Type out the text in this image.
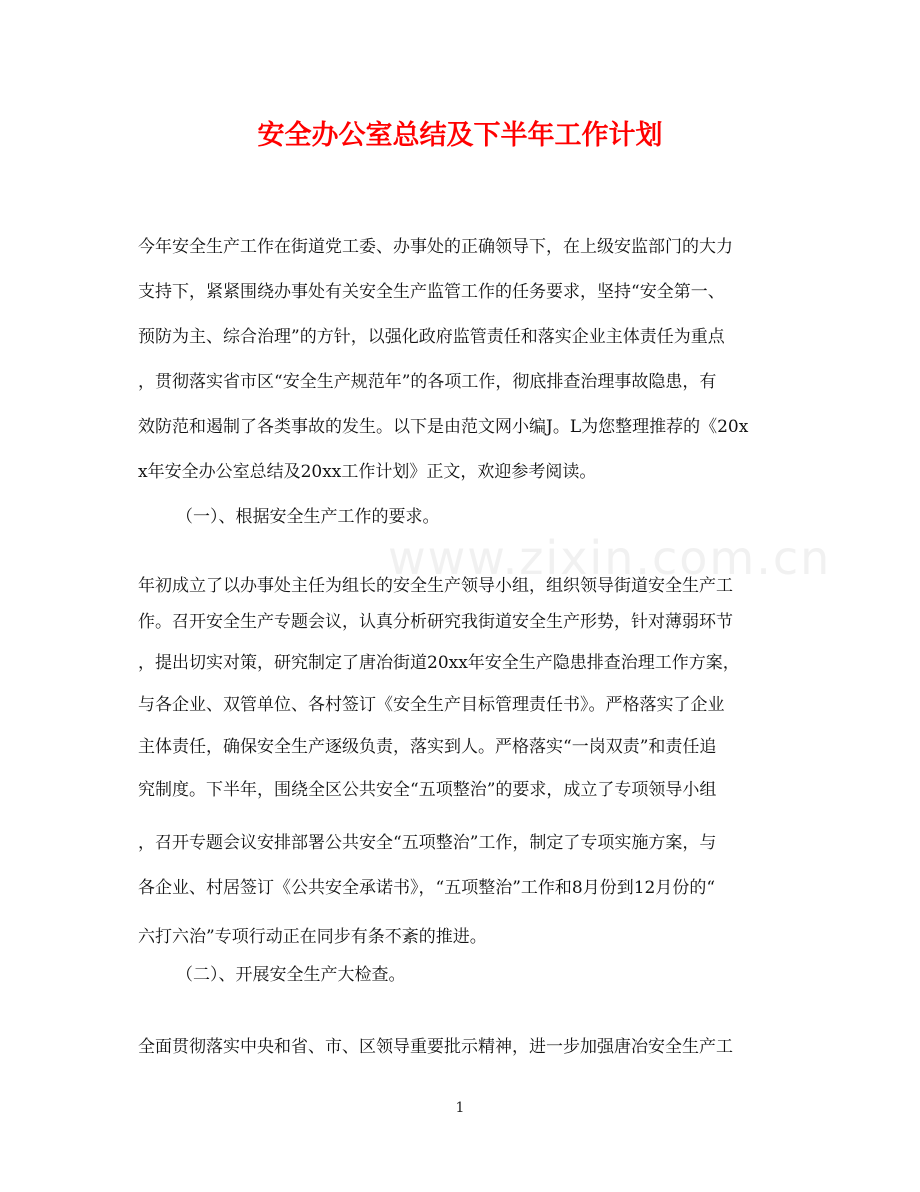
www.zixin.com.cn
安全办公室总结及下半年工作计划
今年安全生产工作在街道党工委、办事处的正确领导下，在上级安监部门的大力
支持下，紧紧围绕办事处有关安全生产监管工作的任务要求，坚持“安全第一、
预防为主、综合治理”的方针，以强化政府监管责任和落实企业主体责任为重点
，贯彻落实省市区“安全生产规范年”的各项工作，彻底排查治理事故隐患，有
效防范和遏制了各类事故的发生。以下是由范文网小编J。L为您整理推荐的《20x
x年安全办公室总结及20xx工作计划》正文，欢迎参考阅读。
（一）、根据安全生产工作的要求。
年初成立了以办事处主任为组长的安全生产领导小组，组织领导街道安全生产工
作。召开安全生产专题会议，认真分析研究我街道安全生产形势，针对薄弱环节
，提出切实对策，研究制定了唐冶街道20xx年安全生产隐患排查治理工作方案，
与各企业、双管单位、各村签订《安全生产目标管理责任书》。严格落实了企业
主体责任，确保安全生产逐级负责，落实到人。严格落实“一岗双责”和责任追
究制度。下半年，围绕全区公共安全“五项整治”的要求，成立了专项领导小组
，召开专题会议安排部署公共安全“五项整治”工作，制定了专项实施方案，与
各企业、村居签订《公共安全承诺书》，“五项整治”工作和8月份到12月份的“
六打六治”专项行动正在同步有条不紊的推进。
（二）、开展安全生产大检查。
全面贯彻落实中央和省、市、区领导重要批示精神，进一步加强唐冶安全生产工
1
